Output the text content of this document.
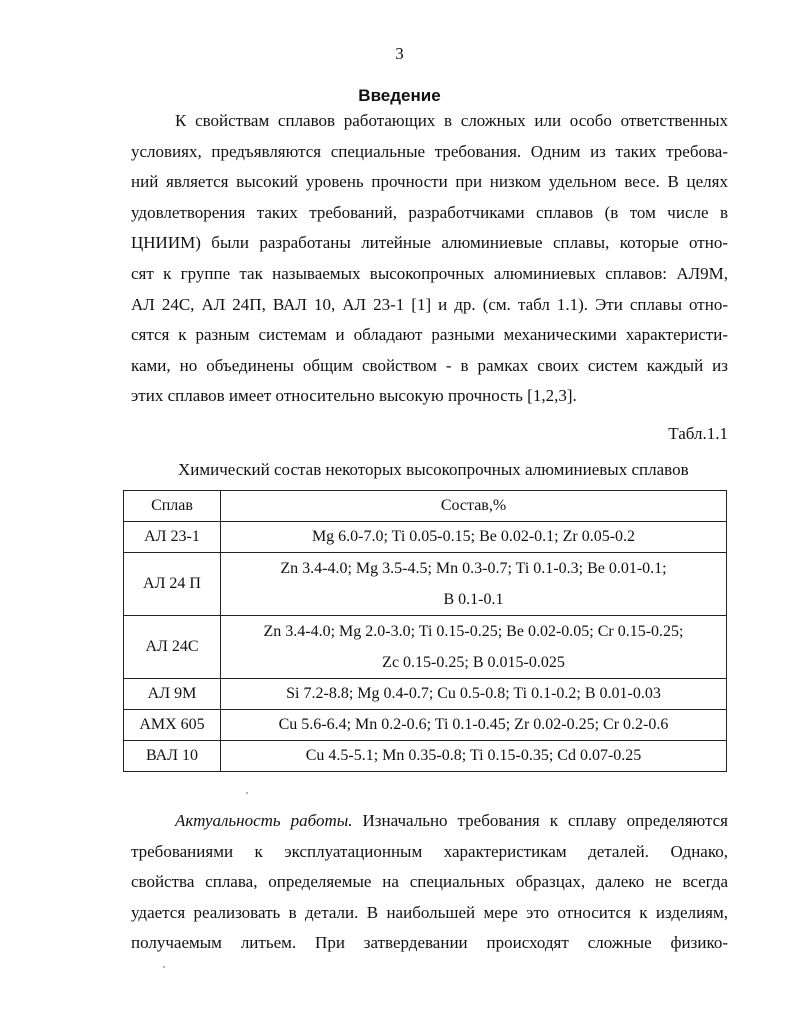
3
Введение
К свойствам сплавов работающих в сложных или особо ответственных
условиях, предъявляются специальные требования. Одним из таких требова-
ний является высокий уровень прочности при низком удельном весе. В целях
удовлетворения таких требований, разработчиками сплавов (в том числе в
ЦНИИМ) были разработаны литейные алюминиевые сплавы, которые отно-
сят к группе так называемых высокопрочных алюминиевых сплавов: АЛ9М,
АЛ 24С, АЛ 24П, ВАЛ 10, АЛ 23-1 [1] и др. (см. табл 1.1). Эти сплавы отно-
сятся к разным системам и обладают разными механическими характеристи-
ками, но объединены общим свойством - в рамках своих систем каждый из
этих сплавов имеет относительно высокую прочность [1,2,3].
Табл.1.1
Химический состав некоторых высокопрочных алюминиевых сплавов
Сплав	Состав,%
АЛ 23-1	Mg 6.0-7.0; Ti 0.05-0.15; Be 0.02-0.1; Zr 0.05-0.2
АЛ 24 П	Zn 3.4-4.0; Mg 3.5-4.5; Mn 0.3-0.7; Ti 0.1-0.3; Be 0.01-0.1;
B 0.1-0.1

АЛ 24С	Zn 3.4-4.0; Mg 2.0-3.0; Ti 0.15-0.25; Be 0.02-0.05; Cr 0.15-0.25;
Zc 0.15-0.25; B 0.015-0.025

АЛ 9М	Si 7.2-8.8; Mg 0.4-0.7; Cu 0.5-0.8; Ti 0.1-0.2; B 0.01-0.03
АМХ 605	Cu 5.6-6.4; Mn 0.2-0.6; Ti 0.1-0.45; Zr 0.02-0.25; Cr 0.2-0.6
ВАЛ 10	Cu 4.5-5.1; Mn 0.35-0.8; Ti 0.15-0.35; Cd 0.07-0.25
Актуальность работы. Изначально требования к сплаву определяются
требованиями к эксплуатационным характеристикам деталей. Однако,
свойства сплава, определяемые на специальных образцах, далеко не всегда
удается реализовать в детали. В наибольшей мере это относится к изделиям,
получаемым литьем. При затвердевании происходят сложные физико-
